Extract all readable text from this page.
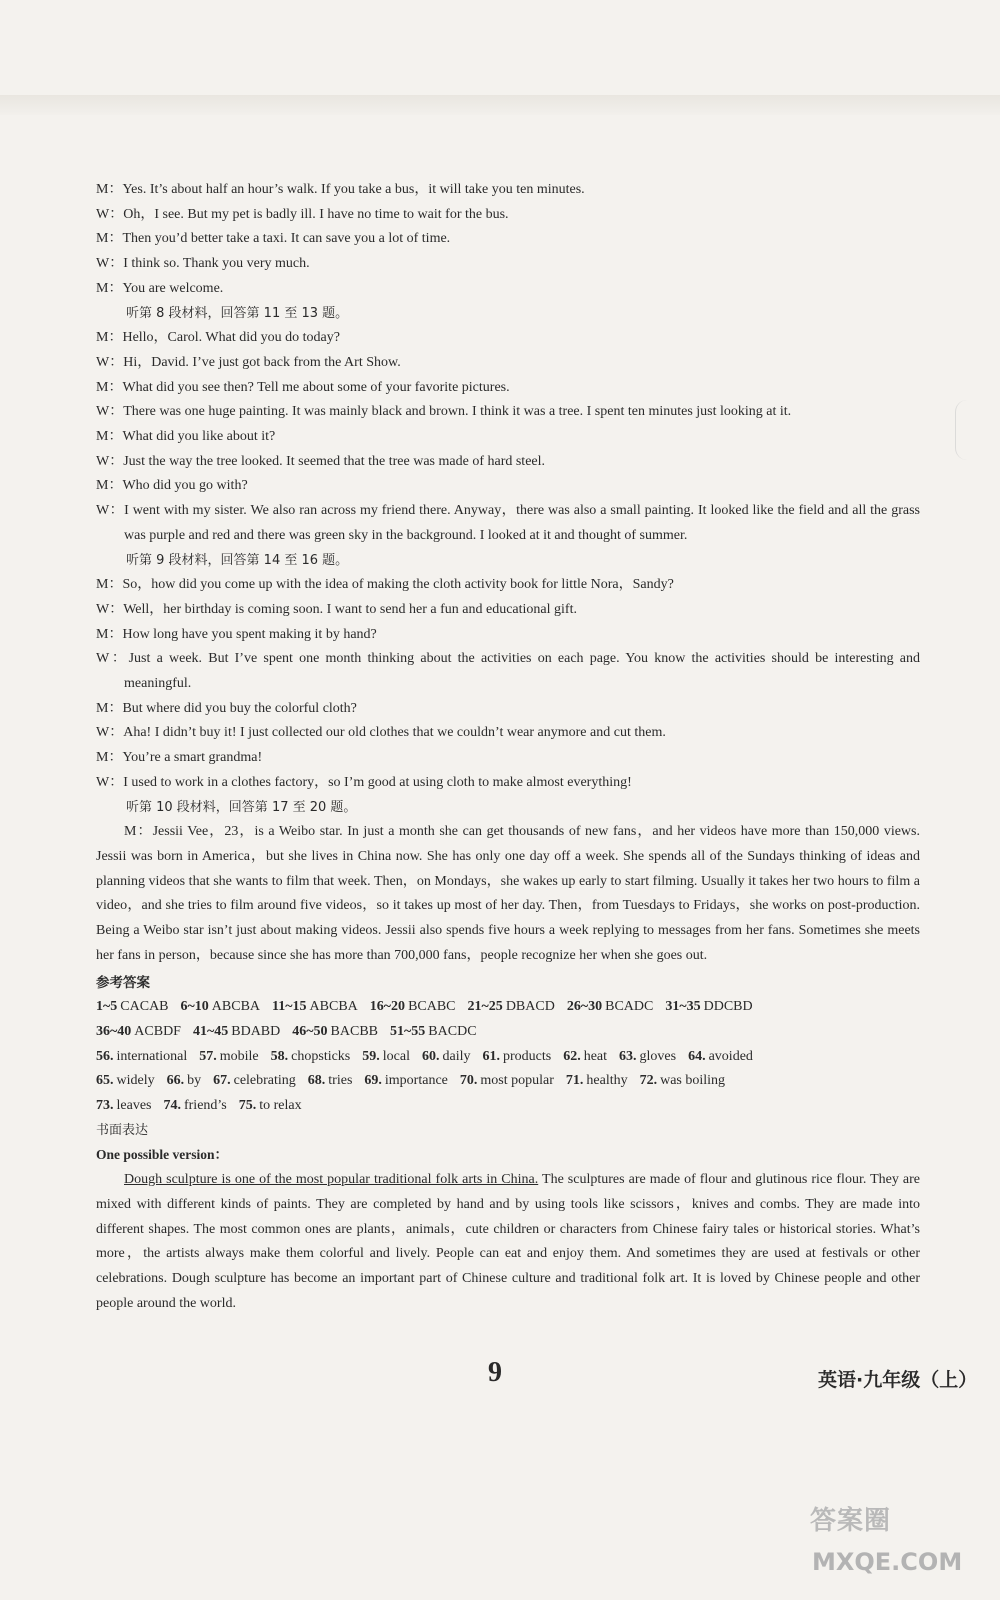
M：Yes. It’s about half an hour’s walk. If you take a bus，it will take you ten minutes.
W：Oh，I see. But my pet is badly ill. I have no time to wait for the bus.
M：Then you’d better take a taxi. It can save you a lot of time.
W：I think so. Thank you very much.
M：You are welcome.
听第 8 段材料，回答第 11 至 13 题。
M：Hello，Carol. What did you do today?
W：Hi，David. I’ve just got back from the Art Show.
M：What did you see then? Tell me about some of your favorite pictures.
W：There was one huge painting. It was mainly black and brown. I think it was a tree. I spent ten minutes just looking at it.
M：What did you like about it?
W：Just the way the tree looked. It seemed that the tree was made of hard steel.
M：Who did you go with?
W：I went with my sister. We also ran across my friend there. Anyway，there was also a small painting. It looked like the field and all the grass was purple and red and there was green sky in the background. I looked at it and thought of summer.
听第 9 段材料，回答第 14 至 16 题。
M：So，how did you come up with the idea of making the cloth activity book for little Nora，Sandy?
W：Well，her birthday is coming soon. I want to send her a fun and educational gift.
M：How long have you spent making it by hand?
W：Just a week. But I’ve spent one month thinking about the activities on each page. You know the activities should be interesting and meaningful.
M：But where did you buy the colorful cloth?
W：Aha! I didn’t buy it! I just collected our old clothes that we couldn’t wear anymore and cut them.
M：You’re a smart grandma!
W：I used to work in a clothes factory，so I’m good at using cloth to make almost everything!
听第 10 段材料，回答第 17 至 20 题。
M：Jessii Vee，23，is a Weibo star. In just a month she can get thousands of new fans，and her videos have more than 150,000 views. Jessii was born in America，but she lives in China now. She has only one day off a week. She spends all of the Sundays thinking of ideas and planning videos that she wants to film that week. Then，on Mondays，she wakes up early to start filming. Usually it takes her two hours to film a video，and she tries to film around five videos，so it takes up most of her day. Then，from Tuesdays to Fridays，she works on post-production. Being a Weibo star isn’t just about making videos. Jessii also spends five hours a week replying to messages from her fans. Sometimes she meets her fans in person，because since she has more than 700,000 fans，people recognize her when she goes out.
参考答案
1~5 CACAB 6~10 ABCBA 11~15 ABCBA 16~20 BCABC 21~25 DBACD 26~30 BCADC 31~35 DDCBD
36~40 ACBDF 41~45 BDABD 46~50 BACBB 51~55 BACDC
56. international 57. mobile 58. chopsticks 59. local 60. daily 61. products 62. heat 63. gloves 64. avoided
65. widely 66. by 67. celebrating 68. tries 69. importance 70. most popular 71. healthy 72. was boiling
73. leaves 74. friend’s 75. to relax
书面表达
One possible version：
Dough sculpture is one of the most popular traditional folk arts in China. The sculptures are made of flour and glutinous rice flour. They are mixed with different kinds of paints. They are completed by hand and by using tools like scissors，knives and combs. They are made into different shapes. The most common ones are plants，animals，cute children or characters from Chinese fairy tales or historical stories. What’s more，the artists always make them colorful and lively. People can eat and enjoy them. And sometimes they are used at festivals or other celebrations. Dough sculpture has become an important part of Chinese culture and traditional folk art. It is loved by Chinese people and other people around the world.
9	英语·九年级（上）
答案圈
MXQE.COM
